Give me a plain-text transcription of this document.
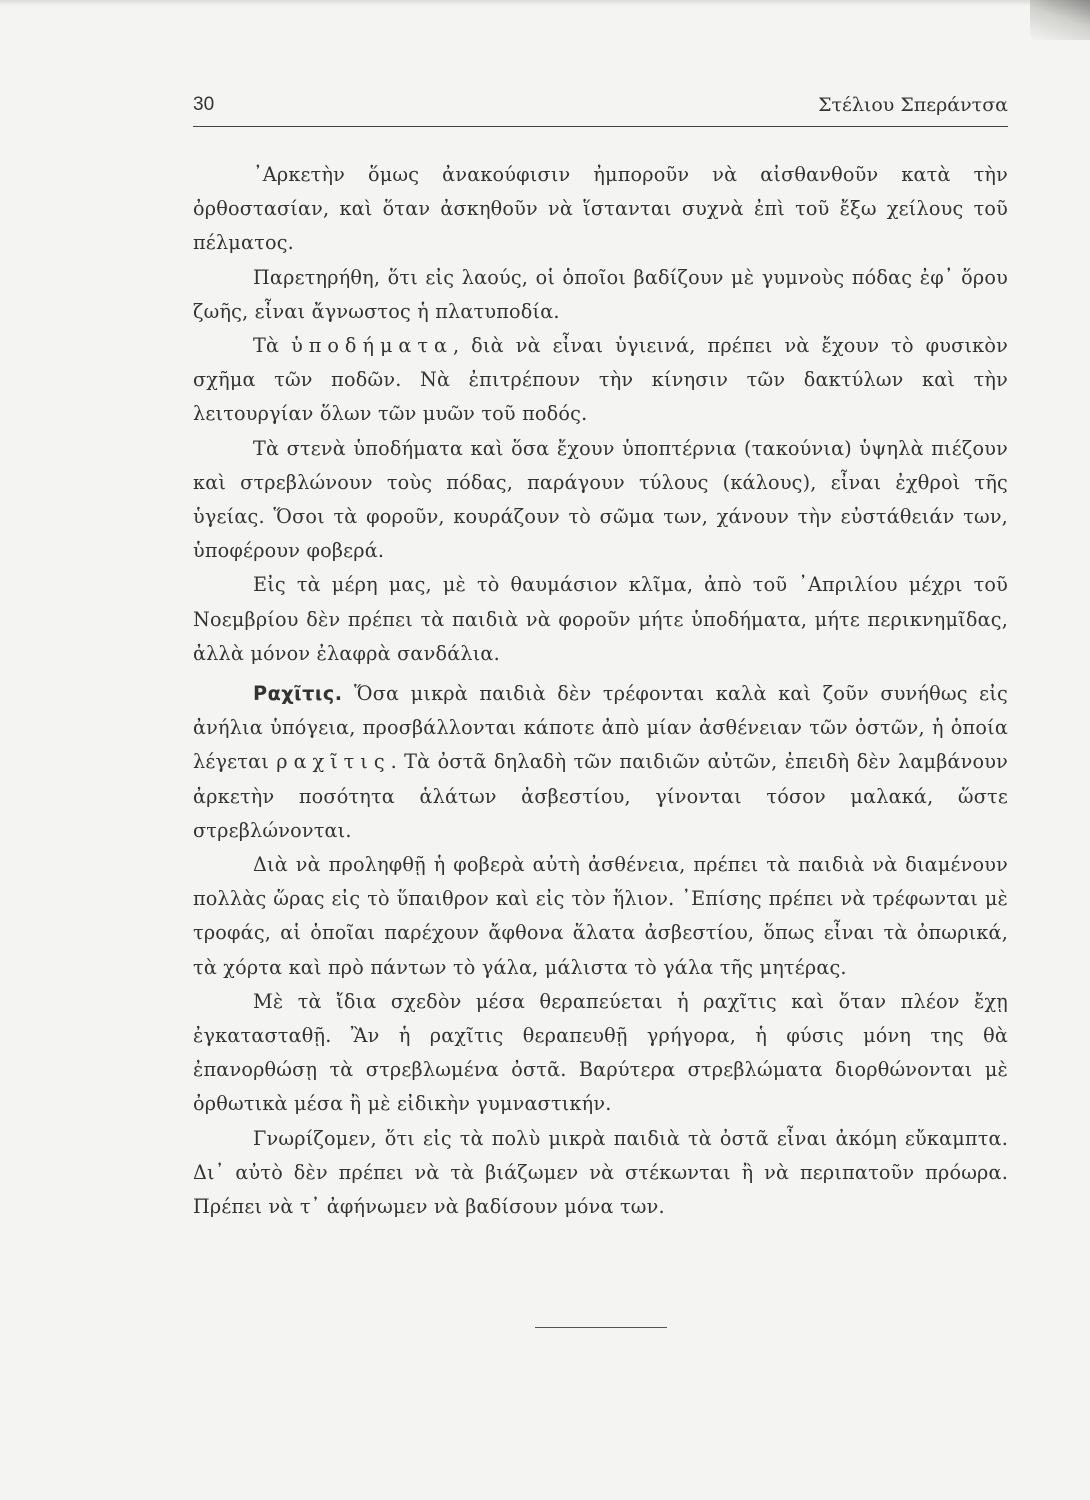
30	Στέλιου Σπεράντσα

᾿Αρκετὴν ὅμως ἀνακούφισιν ἠμποροῦν νὰ αἰσθανθοῦν κατὰ τὴν ὀρθοστασίαν, καὶ ὅταν ἀσκηθοῦν νὰ ἵστανται συχνὰ ἐπὶ τοῦ ἔξω χείλους τοῦ πέλματος.

Παρετηρήθη, ὅτι εἰς λαούς, οἱ ὁποῖοι βαδίζουν μὲ γυμνοὺς πόδας ἐφ᾿ ὅρου ζωῆς, εἶναι ἄγνωστος ἡ πλατυποδία.

Τὰ ὑποδήματα, διὰ νὰ εἶναι ὑγιεινά, πρέπει νὰ ἔχουν τὸ φυσικὸν σχῆμα τῶν ποδῶν. Νὰ ἐπιτρέπουν τὴν κίνησιν τῶν δακτύλων καὶ τὴν λειτουργίαν ὅλων τῶν μυῶν τοῦ ποδός.

Τὰ στενὰ ὑποδήματα καὶ ὅσα ἔχουν ὑποπτέρνια (τακούνια) ὑψηλὰ πιέζουν καὶ στρεβλώνουν τοὺς πόδας, παράγουν τύλους (κάλους), εἶναι ἐχθροὶ τῆς ὑγείας. Ὅσοι τὰ φοροῦν, κουράζουν τὸ σῶμα των, χάνουν τὴν εὐστάθειάν των, ὑποφέρουν φοβερά.

Εἰς τὰ μέρη μας, μὲ τὸ θαυμάσιον κλῖμα, ἀπὸ τοῦ ᾿Απριλίου μέχρι τοῦ Νοεμβρίου δὲν πρέπει τὰ παιδιὰ νὰ φοροῦν μήτε ὑποδήματα, μήτε περικνημῖδας, ἀλλὰ μόνον ἐλαφρὰ σανδάλια.

Ραχῖτις. Ὅσα μικρὰ παιδιὰ δὲν τρέφονται καλὰ καὶ ζοῦν συνήθως εἰς ἀνήλια ὑπόγεια, προσβάλλονται κάποτε ἀπὸ μίαν ἀσθένειαν τῶν ὀστῶν, ἡ ὁποία λέγεται ραχῖτις. Τὰ ὀστᾶ δηλαδὴ τῶν παιδιῶν αὐτῶν, ἐπειδὴ δὲν λαμβάνουν ἀρκετὴν ποσότητα ἁλάτων ἀσβεστίου, γίνονται τόσον μαλακά, ὥστε στρεβλώνονται.

Διὰ νὰ προληφθῇ ἡ φοβερὰ αὐτὴ ἀσθένεια, πρέπει τὰ παιδιὰ νὰ διαμένουν πολλὰς ὥρας εἰς τὸ ὕπαιθρον καὶ εἰς τὸν ἥλιον. ᾿Επίσης πρέπει νὰ τρέφωνται μὲ τροφάς, αἱ ὁποῖαι παρέχουν ἄφθονα ἅλατα ἀσβεστίου, ὅπως εἶναι τὰ ὀπωρικά, τὰ χόρτα καὶ πρὸ πάντων τὸ γάλα, μάλιστα τὸ γάλα τῆς μητέρας.

Μὲ τὰ ἴδια σχεδὸν μέσα θεραπεύεται ἡ ραχῖτις καὶ ὅταν πλέον ἔχῃ ἐγκατασταθῇ. Ἂν ἡ ραχῖτις θεραπευθῇ γρήγορα, ἡ φύσις μόνη της θὰ ἐπανορθώσῃ τὰ στρεβλωμένα ὀστᾶ. Βαρύτερα στρεβλώματα διορθώνονται μὲ ὀρθωτικὰ μέσα ἢ μὲ εἰδικὴν γυμναστικήν.

Γνωρίζομεν, ὅτι εἰς τὰ πολὺ μικρὰ παιδιὰ τὰ ὀστᾶ εἶναι ἀκόμη εὔκαμπτα. Δι᾿ αὐτὸ δὲν πρέπει νὰ τὰ βιάζωμεν νὰ στέκωνται ἢ νὰ περιπατοῦν πρόωρα. Πρέπει νὰ τ᾿ ἀφήνωμεν νὰ βαδίσουν μόνα των.
